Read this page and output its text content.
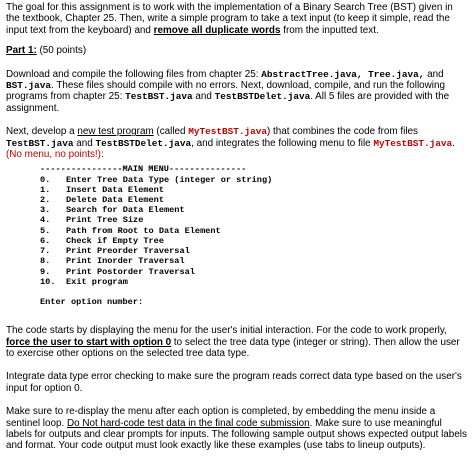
The goal for this assignment is to work with the implementation of a Binary Search Tree (BST) given in the textbook, Chapter 25. Then, write a simple program to take a text input (to keep it simple, read the input text from the keyboard) and remove all duplicate words from the inputted text.

Part 1: (50 points)

Download and compile the following files from chapter 25: AbstractTree.java, Tree.java, and BST.java. These files should compile with no errors. Next, download, compile, and run the following programs from chapter 25: TestBST.java and TestBSTDelet.java. All 5 files are provided with the assignment.

Next, develop a new test program (called MyTestBST.java) that combines the code from files TestBST.java and TestBSTDelet.java, and integrates the following menu to file MyTestBST.java. (No menu, no points!):

----------------MAIN MENU---------------
0.	Enter Tree Data Type (integer or string)
1.	Insert Data Element
2.	Delete Data Element
3.	Search for Data Element
4.	Print Tree Size
5.	Path from Root to Data Element
6.	Check if Empty Tree
7.	Print Preorder Traversal
8.	Print Inorder Traversal
9.	Print Postorder Traversal
10.	Exit program
Enter option number:

The code starts by displaying the menu for the user's initial interaction. For the code to work properly, force the user to start with option 0 to select the tree data type (integer or string). Then allow the user to exercise other options on the selected tree data type.

Integrate data type error checking to make sure the program reads correct data type based on the user's input for option 0.

Make sure to re-display the menu after each option is completed, by embedding the menu inside a sentinel loop. Do Not hard-code test data in the final code submission. Make sure to use meaningful labels for outputs and clear prompts for inputs. The following sample output shows expected output labels and format. Your code output must look exactly like these examples (use tabs to lineup outputs).
